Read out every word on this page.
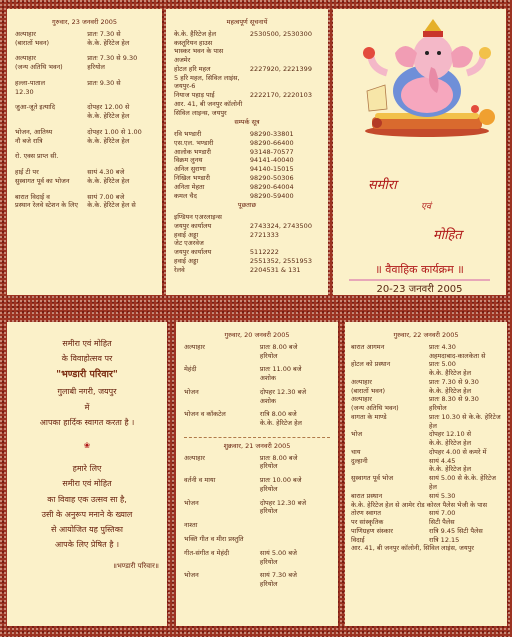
गुरुवार, 23 जनवरी 2005
अल्पाहार	प्रातः 7.30 से
(बारातों भवन)	के.के. हेरिटेज हेल
अल्पाहार	प्रातः 7.30 से 9.30
(जन्य अतिथि भवन)	हरियोल
हल्ला-पाताल	प्रातः 9.30 से
12.30
जुआ-जूते इत्यादि	दोपहर 12.00 से
के.के. हेरिटेज हेल
भोजन, आतिथ्य	दोपहर 1.00 से 1.00
नौ बजे रात्रि	के.के. हेरिटेज हेल
रो. एक्स प्राप्त सी.
हाई टी पर	सायं 4.30 बजे
सुस्वागत पूर्व का भोजन	के.के. हेरिटेज हेल
बारात विदाई व	सायं 7.00 बजे
प्रस्थान रेलवे स्टेशन के लिए	के.के. हेरिटेज हेल से
महत्वपूर्ण सूचनायें
के.के. हैरिटेज हेल	2530500, 2530300
कस्तूरियन हाउस
भास्कर भवन के पास
अजमेर
होटल हरि महल	2227920, 2221399
5 हरि महल, सिविल लाइंस, जयपुर-6
नियाज पहाड़ पाई	2222170, 2220103
आर. 41, बी जनपुर कॉलोनी
सिविल लाइन्स, जयपुर
सम्पर्क सूत्र
रवि भण्डारी	98290-33801
एस.एल. भण्डारी	98290-66400
आलोक भण्डारी	93148-70577
विक्रम लुनथ	94141-40040
अनिल सुराणा	94140-15015
निखिल भण्डारी	98290-50306
अनिता मेहता	98290-64004
कमल चैद	98290-59400
पूछताछ
इण्डियन एअरलाइन्स
जयपुर कार्यालय	2743324, 2743500
हवाई अड्डा	2721333
जेट एअरवेज
जयपुर कार्यालय	5112222
हवाई अड्डा	2551352, 2551953
रेलवे	2204531 & 131
समीरा
एवं
मोहित
॥ वैवाहिक कार्यक्रम ॥
20-23 जनवरी 2005
समीरा एवं मोहित
के विवाहोत्सव पर
"भण्डारी परिवार"
गुलाबी नगरी, जयपुर
में
आपका हार्दिक स्वागत करता है ।
❀
हमारे लिए
समीरा एवं मोहित
का विवाह एक उत्सव सा है,
उसी के अनुरूप मनाने के ख्याल
से आयोजित यह पुस्तिका
आपके लिए प्रेषित है ।
॥भण्डारी परिवार॥
गुरुवार, 20 जनवरी 2005
अल्पाहार	प्रातः 8.00 बजे
हरियोल
मेहंदी	प्रातः 11.00 बजे
अशोक
भोजन	दोपहर 12.30 बजे
अशोक
भोजन व कॉकटेल	रात्रि 8.00 बजे
के.के. हेरिटेज हेल
शुक्रवार, 21 जनवरी 2005
अल्पाहार	प्रातः 8.00 बजे
हरियोल
वर्तनी व माया	प्रातः 10.00 बजे
हरियोल
भोजन	दोपहर 12.30 बजे
हरियोल
नाश्ता
भक्ति गीत व मीरा प्रस्तुति
गीत-संगीत व मेहंदी	सायं 5.00 बजे
हरियोल
भोजन	सायं 7.30 बजे
हरियोल
गुरुवार, 22 जनवरी 2005
बारात आगमन	प्रातः 4.30
अहमदाबाद-कालकेता से
होटल को प्रस्थान	प्रातः 5.00
के.के. हैरिटेज हेल
अल्पाहार	प्रातः 7.30 से 9.30
(बारातों भवन)	के.के. हेरिटेज हेल
अल्पाहार	प्रातः 8.30 से 9.30
(जन्य अतिथि भवन)	हरियोल
वागता के माण्डे	प्रातः 10.30 से के.के. हेरिटेज हेल
भोज	दोपहर 12.10 से
के.के. हेरिटेज हेल
चाय	दोपहर 4.00 से कमरे में
दुल्हानी	सायं 4.45
के.के. हेरिटेज हेल
सुस्वागत पूर्व भोज	सायं 5.00 से के.के. हेरिटेज हेल
बारात प्रस्थान	सायं 5.30
के.के. हेरिटेज हेल से आमेर रोड कोरल पैलेस भेजी के पास
तोरण स्वागत	सायं 7.00
पर सांस्कृतिक	सिटी पैलेस
पाणिग्रहण संस्कार	रात्रि 9.45 सिटी पैलेस
विदाई	रात्रि 12.15
आर. 41, बी जनपुर कॉलोनी, सिविल लाइंस, जयपुर
